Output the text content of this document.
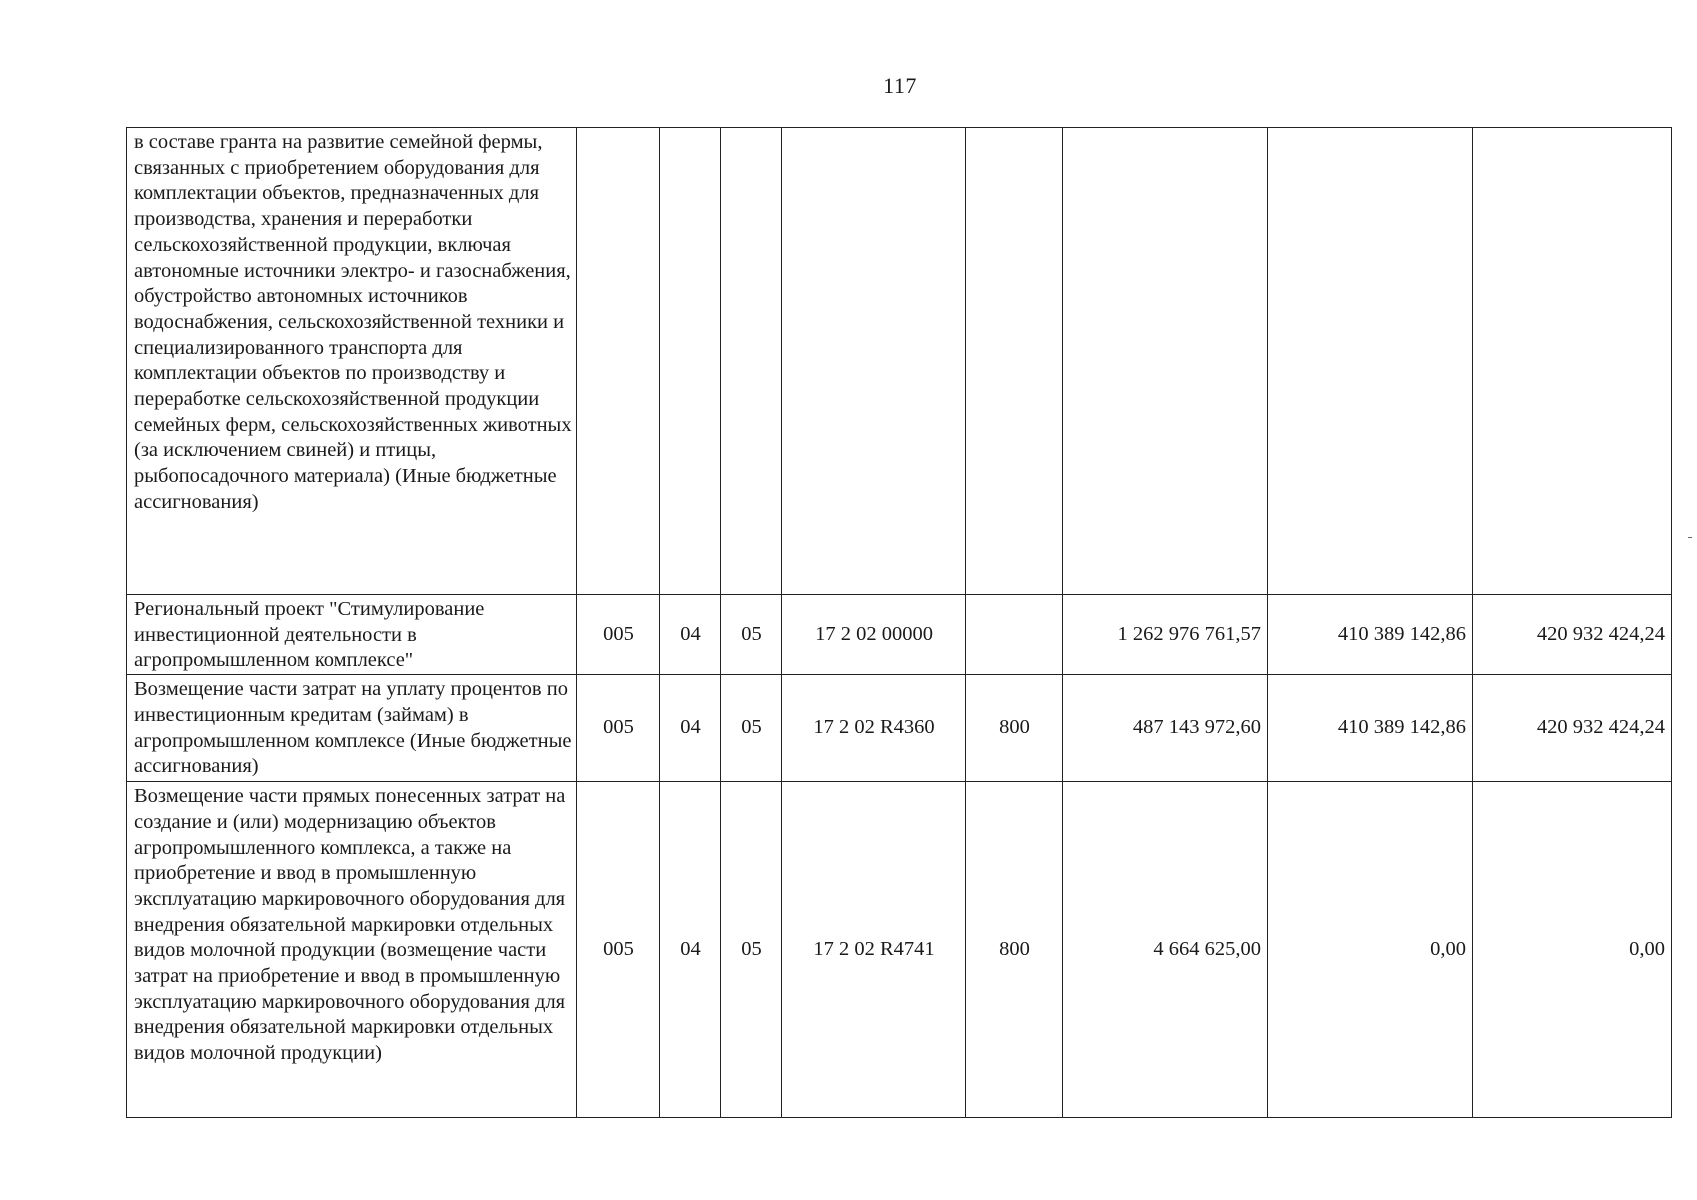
117
в составе гранта на развитие семейной фермы, связанных с приобретением оборудования для комплектации объектов, предназначенных для производства, хранения и переработки сельскохозяйственной продукции, включая автономные источники электро- и газоснабжения, обустройство автономных источников водоснабжения, сельскохозяйственной техники и специализированного транспорта для комплектации объектов по производству и переработке сельскохозяйственной продукции семейных ферм, сельскохозяйственных животных (за исключением свиней) и птицы, рыбопосадочного материала) (Иные бюджетные ассигнования)								
Региональный проект "Стимулирование инвестиционной деятельности в агропромышленном комплексе"	005	04	05	17 2 02 00000		1 262 976 761,57	410 389 142,86	420 932 424,24
Возмещение части затрат на уплату процентов по инвестиционным кредитам (займам) в агропромышленном комплексе (Иные бюджетные ассигнования)	005	04	05	17 2 02 R4360	800	487 143 972,60	410 389 142,86	420 932 424,24
Возмещение части прямых понесенных затрат на создание и (или) модернизацию объектов агропромышленного комплекса, а также на приобретение и ввод в промышленную эксплуатацию маркировочного оборудования для внедрения обязательной маркировки отдельных видов молочной продукции (возмещение части затрат на приобретение и ввод в промышленную эксплуатацию маркировочного оборудования для внедрения обязательной маркировки отдельных видов молочной продукции)	005	04	05	17 2 02 R4741	800	4 664 625,00	0,00	0,00
